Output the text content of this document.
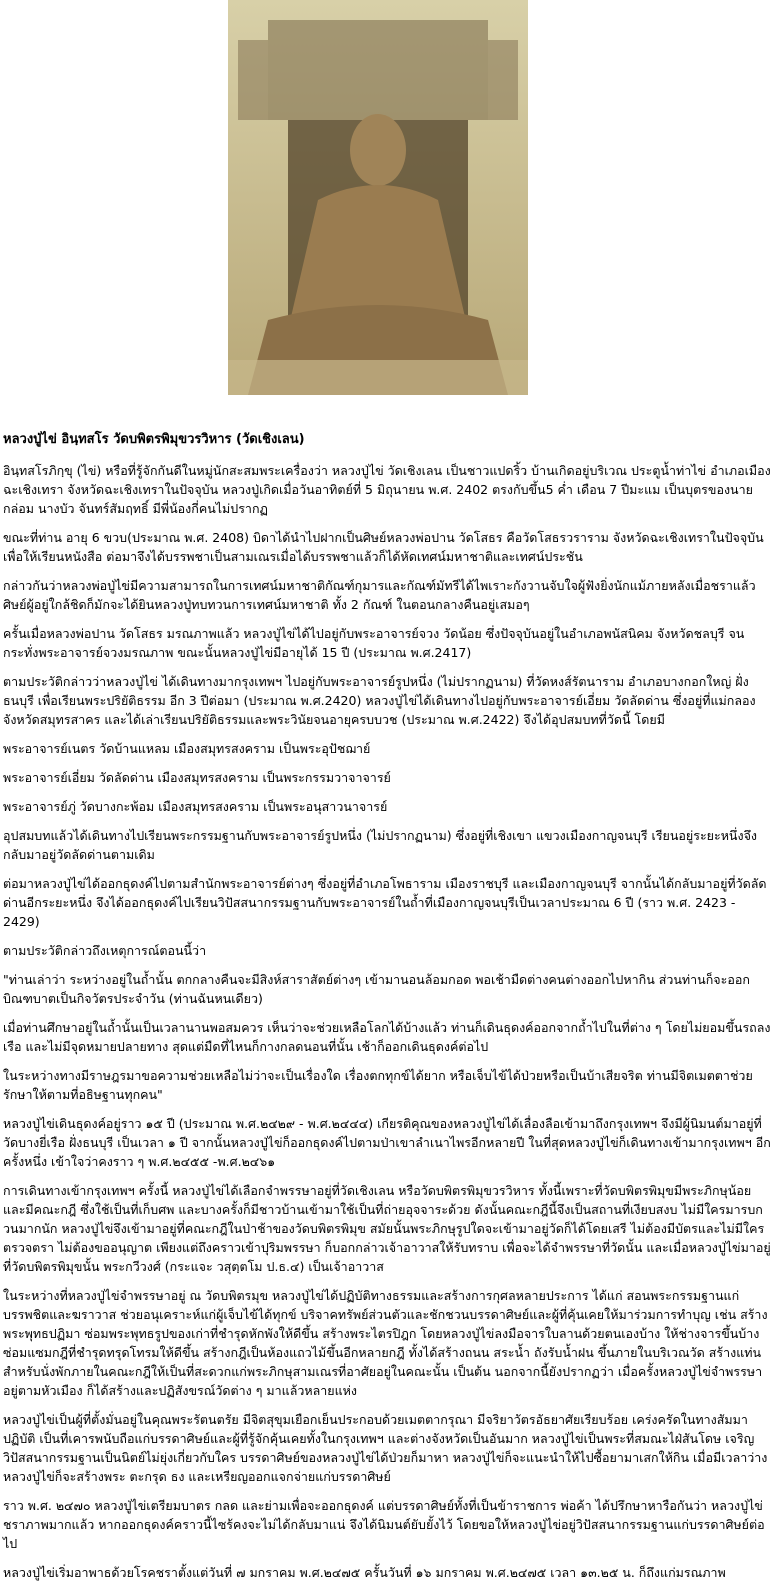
หลวงปู่ไข่ อินฺทสโร วัดบพิตรพิมุขวรวิหาร (วัดเชิงเลน)

อินฺทสโรภิกฺขุ (ไข่) หรือที่รู้จักกันดีในหมู่นักสะสมพระเครื่องว่า หลวงปู่ไข่ วัดเชิงเลน เป็นชาวแปดริ้ว บ้านเกิดอยู่บริเวณ ประตูน้ำท่าไข่ อำเภอเมืองฉะเชิงเทรา จังหวัดฉะเชิงเทราในปัจจุบัน หลวงปู่เกิดเมื่อวันอาทิตย์ที่ 5 มิถุนายน พ.ศ. 2402 ตรงกับขึ้น5 ค่ำ เดือน 7 ปีมะแม เป็นบุตรของนายกล่อม นางบัว จันทร์สัมฤทธิ์ มีพี่น้องกี่คนไม่ปรากฏ

ขณะที่ท่าน อายุ 6 ขวบ(ประมาณ พ.ศ. 2408) บิดาได้นำไปฝากเป็นศิษย์หลวงพ่อปาน วัดโสธร คือวัดโสธรวราราม จังหวัดฉะเชิงเทราในปัจจุบัน เพื่อให้เรียนหนังสือ ต่อมาจึงได้บรรพชาเป็นสามเณรเมื่อได้บรรพชาแล้วก็ได้หัดเทศน์มหาชาติและเทศน์ประชัน

กล่าวกันว่าหลวงพ่อปู่ไข่มีความสามารถในการเทศน์มหาชาติกัณฑ์กุมารและกัณฑ์มัทรีได้ไพเราะกังวานจับใจผู้ฟังยิ่งนักแม้ภายหลังเมื่อชราแล้ว ศิษย์ผู้อยู่ใกล้ชิดก็มักจะได้ยินหลวงปู่ทบทวนการเทศน์มหาชาติ ทั้ง 2 กัณฑ์ ในตอนกลางคืนอยู่เสมอๆ

ครั้นเมื่อหลวงพ่อปาน วัดโสธร มรณภาพแล้ว หลวงปู่ไข่ได้ไปอยู่กับพระอาจารย์จวง วัดน้อย ซึ่งปัจจุบันอยู่ในอำเภอพนัสนิคม จังหวัดชลบุรี จนกระทั่งพระอาจารย์จวงมรณภาพ ขณะนั้นหลวงปู่ไข่มีอายุได้ 15 ปี (ประมาณ พ.ศ.2417)

ตามประวัติกล่าวว่าหลวงปู่ไข่ ได้เดินทางมากรุงเทพฯ ไปอยู่กับพระอาจารย์รูปหนึ่ง (ไม่ปรากฏนาม) ที่วัดหงส์รัตนาราม อำเภอบางกอกใหญ่ ฝั่งธนบุรี เพื่อเรียนพระปริยัติธรรม อีก 3 ปีต่อมา (ประมาณ พ.ศ.2420) หลวงปู่ไข่ได้เดินทางไปอยู่กับพระอาจารย์เอี่ยม วัดลัดด่าน ซึ่งอยู่ที่แม่กลอง จังหวัดสมุทรสาคร และได้เล่าเรียนปริยัติธรรมและพระวินัยจนอายุครบบวช (ประมาณ พ.ศ.2422) จึงได้อุปสมบทที่วัดนี้ โดยมี

พระอาจารย์เนตร วัดบ้านแหลม เมืองสมุทรสงคราม เป็นพระอุปัชฌาย์

พระอาจารย์เอี่ยม วัดลัดด่าน เมืองสมุทรสงคราม เป็นพระกรรมวาจาจารย์

พระอาจารย์ภู่ วัดบางกะพ้อม เมืองสมุทรสงคราม เป็นพระอนุสาวนาจารย์

อุปสมบทแล้วได้เดินทางไปเรียนพระกรรมฐานกับพระอาจารย์รูปหนึ่ง (ไม่ปรากฏนาม) ซึ่งอยู่ที่เชิงเขา แขวงเมืองกาญจนบุรี เรียนอยู่ระยะหนึ่งจึงกลับมาอยู่วัดลัดด่านตามเดิม

ต่อมาหลวงปู่ไข่ได้ออกธุดงค์ไปตามสำนักพระอาจารย์ต่างๆ ซึ่งอยู่ที่อำเภอโพธาราม เมืองราชบุรี และเมืองกาญจนบุรี จากนั้นได้กลับมาอยู่ที่วัดลัดด่านอีกระยะหนึ่ง จึงได้ออกธุดงค์ไปเรียนวิปัสสนากรรมฐานกับพระอาจารย์ในถ้ำที่เมืองกาญจนบุรีเป็นเวลาประมาณ 6 ปี (ราว พ.ศ. 2423 - 2429)

ตามประวัติกล่าวถึงเหตุการณ์ตอนนี้ว่า

"ท่านเล่าว่า ระหว่างอยู่ในถ้ำนั้น ตกกลางคืนจะมีสิงห์สาราสัตย์ต่างๆ เข้ามานอนล้อมกอด พอเช้ามืดต่างคนต่างออกไปหากิน ส่วนท่านก็จะออกบิณฑบาตเป็นกิจวัตรประจำวัน (ท่านฉันหนเดียว)

เมื่อท่านศึกษาอยู่ในถ้ำนั้นเป็นเวลานานพอสมควร เห็นว่าจะช่วยเหลือโลกได้บ้างแล้ว ท่านก็เดินธุดงค์ออกจากถ้ำไปในที่ต่าง ๆ โดยไม่ยอมขึ้นรถลงเรือ และไม่มีจุดหมายปลายทาง สุดแต่มืดที่ไหนก็กางกลดนอนที่นั้น เช้าก็ออกเดินธุดงค์ต่อไป

ในระหว่างทางมีราษฎรมาขอความช่วยเหลือไม่ว่าจะเป็นเรื่องใด เรื่องตกทุกข์ได้ยาก หรือเจ็บไข้ได้ป่วยหรือเป็นบ้าเสียจริต ท่านมีจิตเมตตาช่วยรักษาให้ตามที่อธิษฐานทุกคน"

หลวงปู่ไข่เดินธุดงค์อยู่ราว ๑๕ ปี (ประมาณ พ.ศ.๒๔๒๙ - พ.ศ.๒๔๔๔) เกียรติคุณของหลวงปู่ไข่ได้เลื่องลือเข้ามาถึงกรุงเทพฯ จึงมีผู้นิมนต์มาอยู่ที่วัดบางยี่เรือ ฝั่งธนบุรี เป็นเวลา ๑ ปี จากนั้นหลวงปู่ไข่ก็ออกธุดงค์ไปตามป่าเขาลำเนาไพรอีกหลายปี ในที่สุดหลวงปู่ไข่ก็เดินทางเข้ามากรุงเทพฯ อีกครั้งหนึ่ง เข้าใจว่าคงราว ๆ พ.ศ.๒๔๕๕ -พ.ศ.๒๔๖๑

การเดินทางเข้ากรุงเทพฯ ครั้งนี้ หลวงปู่ไข่ได้เลือกจำพรรษาอยู่ที่วัดเชิงเลน หรือวัดบพิตรพิมุขวรวิหาร ทั้งนี้เพราะที่วัดบพิตรพิมุขมีพระภิกษุน้อย และมีคณะกฎี ซึ่งใช้เป็นที่เก็บศพ และบางครั้งก็มีชาวบ้านเข้ามาใช้เป็นที่ถ่ายอุจจาระด้วย ดังนั้นคณะกฎีนี้จึงเป็นสถานที่เงียบสงบ ไม่มีใครมารบกวนมากนัก หลวงปู่ไข่จึงเข้ามาอยู่ที่คณะกฎีในป่าช้าของวัดบพิตรพิมุข สมัยนั้นพระภิกษุรูปใดจะเข้ามาอยู่วัดก็ได้โดยเสรี ไม่ต้องมีบัตรและไม่มีใครตรวจตรา ไม่ต้องขออนุญาต เพียงแต่ถึงคราวเข้าปุริมพรรษา ก็บอกกล่าวเจ้าอาวาสให้รับทราบ เพื่อจะได้จำพรรษาที่วัดนั้น และเมื่อหลวงปู่ไข่มาอยู่ที่วัดบพิตรพิมุขนั้น พระกวีวงศ์ (กระแจะ วสุตฺตโม ป.ธ.๔) เป็นเจ้าอาวาส

ในระหว่างที่หลวงปู่ไข่จำพรรษาอยู่ ณ วัดบพิตรมุข หลวงปู่ไข่ได้ปฏิบัติทางธรรมและสร้างการกุศลหลายประการ ได้แก่ สอนพระกรรมฐานแก่บรรพชิตและฆราวาส ช่วยอนุเคราะห์แก่ผู้เจ็บไข้ได้ทุกข์ บริจาคทรัพย์ส่วนตัวและชักชวนบรรดาศิษย์และผู้ที่คุ้นเคยให้มาร่วมการทำบุญ เช่น สร้างพระพุทธปฏิมา ซ่อมพระพุทธรูปของเก่าที่ชำรุดหักพังให้ดีขึ้น สร้างพระไตรปิฎก โดยหลวงปู่ไข่ลงมือจารใบลานด้วยตนเองบ้าง ให้ช่างจารขึ้นบ้าง ซ่อมแซมกฎีที่ชำรุดทรุดโทรมให้ดีขึ้น สร้างกฎีเป็นห้องแถวไม้ขึ้นอีกหลายกฎี ทั้งได้สร้างถนน สระน้ำ ถังรับน้ำฝน ขึ้นภายในบริเวณวัด สร้างแท่นสำหรับนั่งพักภายในคณะกฎีให้เป็นที่สะดวกแก่พระภิกษุสามเณรที่อาศัยอยู่ในคณะนั้น เป็นต้น นอกจากนี้ยังปรากฏว่า เมื่อครั้งหลวงปู่ไข่จำพรรษาอยู่ตามหัวเมือง ก็ได้สร้างและปฏิสังขรณ์วัดต่าง ๆ มาแล้วหลายแห่ง

หลวงปู่ไข่เป็นผู้ที่ตั้งมั่นอยู่ในคุณพระรัตนตรัย มีจิตสุขุมเยือกเย็นประกอบด้วยเมตตากรุณา มีจริยาวัตรอัธยาศัยเรียบร้อย เคร่งครัดในทางสัมมาปฏิบัติ เป็นที่เคารพนับถือแก่บรรดาศิษย์และผู้ที่รู้จักคุ้นเคยทั้งในกรุงเทพฯ และต่างจังหวัดเป็นอันมาก หลวงปู่ไข่เป็นพระที่สมณะไฝ่สันโดษ เจริญวิปัสสนากรรมฐานเป็นนิตย์ไม่ยุ่งเกี่ยวกับใคร บรรดาศิษย์ของหลวงปู่ไข่ได้ป่วยก็มาหา หลวงปู่ไข่ก็จะแนะนำให้ไปซื้อยามาเสกให้กิน เมื่อมีเวลาว่างหลวงปู่ไข่ก็จะสร้างพระ ตะกรุด ธง และเหรียญออกแจกจ่ายแก่บรรดาศิษย์

ราว พ.ศ. ๒๔๗๐ หลวงปู่ไข่เตรียมบาตร กลด และย่ามเพื่อจะออกธุดงค์ แต่บรรดาศิษย์ทั้งที่เป็นข้าราชการ พ่อค้า ได้ปรึกษาหารือกันว่า หลวงปู่ไข่ชราภาพมากแล้ว หากออกธุดงค์คราวนี้ไซร้คงจะไม่ได้กลับมาแน่ จึงได้นิมนต์ยับยั้งไว้ โดยขอให้หลวงปู่ไข่อยู่วิปัสสนากรรมฐานแก่บรรดาศิษย์ต่อไป

หลวงปู่ไข่เริ่มอาพาธด้วยโรคชราตั้งแต่วันที่ ๗ มกราคม พ.ศ.๒๔๗๕ ครั้นวันที่ ๑๖ มกราคม พ.ศ.๒๔๗๕ เวลา ๑๓.๒๕ น. ก็ถึงแก่มรณภาพ
